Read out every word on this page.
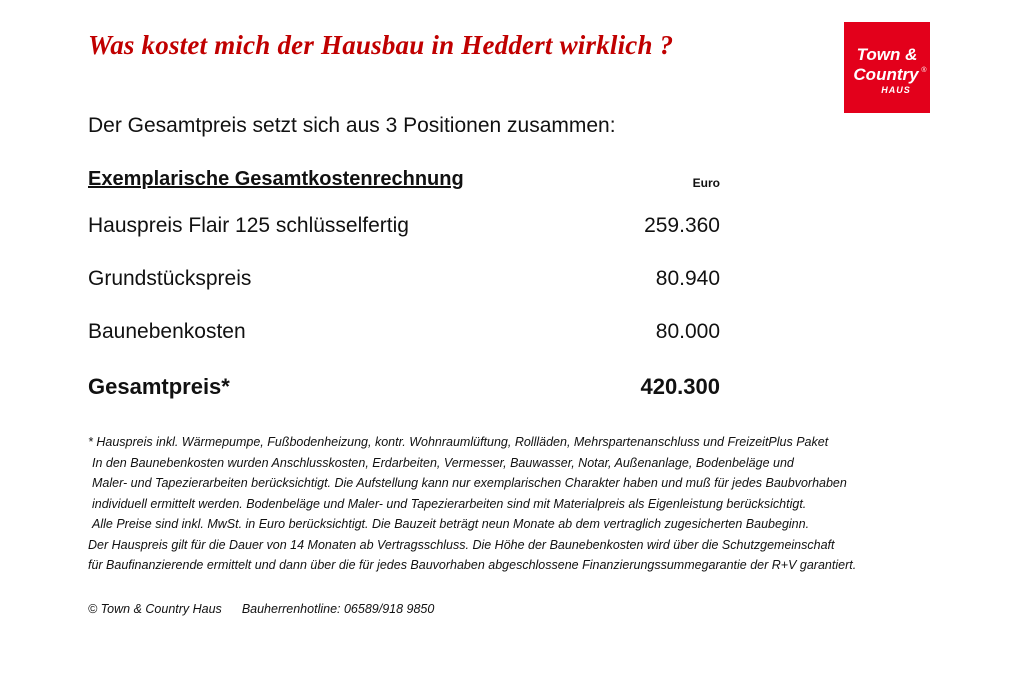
Was kostet mich der Hausbau in Heddert wirklich ?	Town &
Country ®
HAUS
Der Gesamtpreis setzt sich aus 3 Positionen zusammen:
Exemplarische Gesamtkostenrechnung	Euro
Hauspreis Flair 125 schlüsselfertig	259.360
Grundstückspreis	80.940
Baunebenkosten	80.000
Gesamtpreis*	420.300
* Hauspreis inkl. Wärmepumpe, Fußbodenheizung, kontr. Wohnraumlüftung, Rollläden, Mehrspartenanschluss und FreizeitPlus Paket
In den Baunebenkosten wurden Anschlusskosten, Erdarbeiten, Vermesser, Bauwasser, Notar, Außenanlage, Bodenbeläge und
Maler- und Tapezierarbeiten berücksichtigt. Die Aufstellung kann nur exemplarischen Charakter haben und muß für jedes Baubvorhaben
individuell ermittelt werden. Bodenbeläge und Maler- und Tapezierarbeiten sind mit Materialpreis als Eigenleistung berücksichtigt.
Alle Preise sind inkl. MwSt. in Euro berücksichtigt. Die Bauzeit beträgt neun Monate ab dem vertraglich zugesicherten Baubeginn.
Der Hauspreis gilt für die Dauer von 14 Monaten ab Vertragsschluss. Die Höhe der Baunebenkosten wird über die Schutzgemeinschaft
für Baufinanzierende ermittelt und dann über die für jedes Bauvorhaben abgeschlossene Finanzierungssummegarantie der R+V garantiert.
© Town & Country Haus Bauherrenhotline: 06589/918 9850
